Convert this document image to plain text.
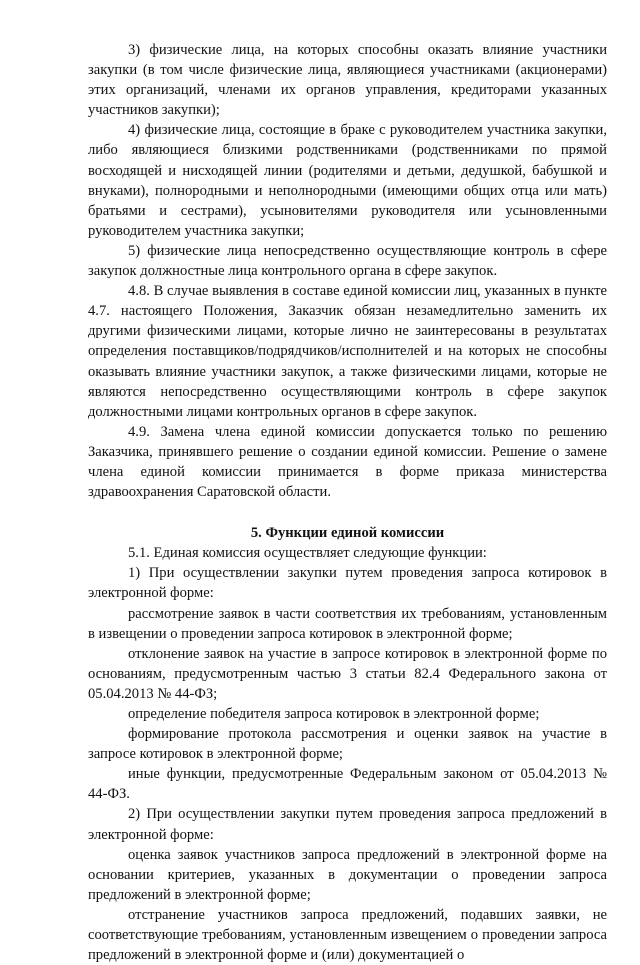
3) физические лица, на которых способны оказать влияние участники закупки (в том числе физические лица, являющиеся участниками (акционерами) этих организаций, членами их органов управления, кредиторами указанных участников закупки);

4) физические лица, состоящие в браке с руководителем участника закупки, либо являющиеся близкими родственниками (родственниками по прямой восходящей и нисходящей линии (родителями и детьми, дедушкой, бабушкой и внуками), полнородными и неполнородными (имеющими общих отца или мать) братьями и сестрами), усыновителями руководителя или усыновленными руководителем участника закупки;

5) физические лица непосредственно осуществляющие контроль в сфере закупок должностные лица контрольного органа в сфере закупок.

4.8. В случае выявления в составе единой комиссии лиц, указанных в пункте 4.7. настоящего Положения, Заказчик обязан незамедлительно заменить их другими физическими лицами, которые лично не заинтересованы в результатах определения поставщиков/подрядчиков/исполнителей и на которых не способны оказывать влияние участники закупок, а также физическими лицами, которые не являются непосредственно осуществляющими контроль в сфере закупок должностными лицами контрольных органов в сфере закупок.

4.9. Замена члена единой комиссии допускается только по решению Заказчика, принявшего решение о создании единой комиссии. Решение о замене члена единой комиссии принимается в форме приказа министерства здравоохранения Саратовской области.

5. Функции единой комиссии

5.1. Единая комиссия осуществляет следующие функции:

1) При осуществлении закупки путем проведения запроса котировок в электронной форме:

рассмотрение заявок в части соответствия их требованиям, установленным в извещении о проведении запроса котировок в электронной форме;

отклонение заявок на участие в запросе котировок в электронной форме по основаниям, предусмотренным частью 3 статьи 82.4 Федерального закона от 05.04.2013 № 44-ФЗ;

определение победителя запроса котировок в электронной форме;

формирование протокола рассмотрения и оценки заявок на участие в запросе котировок в электронной форме;

иные функции, предусмотренные Федеральным законом от 05.04.2013 № 44-ФЗ.

2) При осуществлении закупки путем проведения запроса предложений в электронной форме:

оценка заявок участников запроса предложений в электронной форме на основании критериев, указанных в документации о проведении запроса предложений в электронной форме;

отстранение участников запроса предложений, подавших заявки, не соответствующие требованиям, установленным извещением о проведении запроса предложений в электронной форме и (или) документацией о
